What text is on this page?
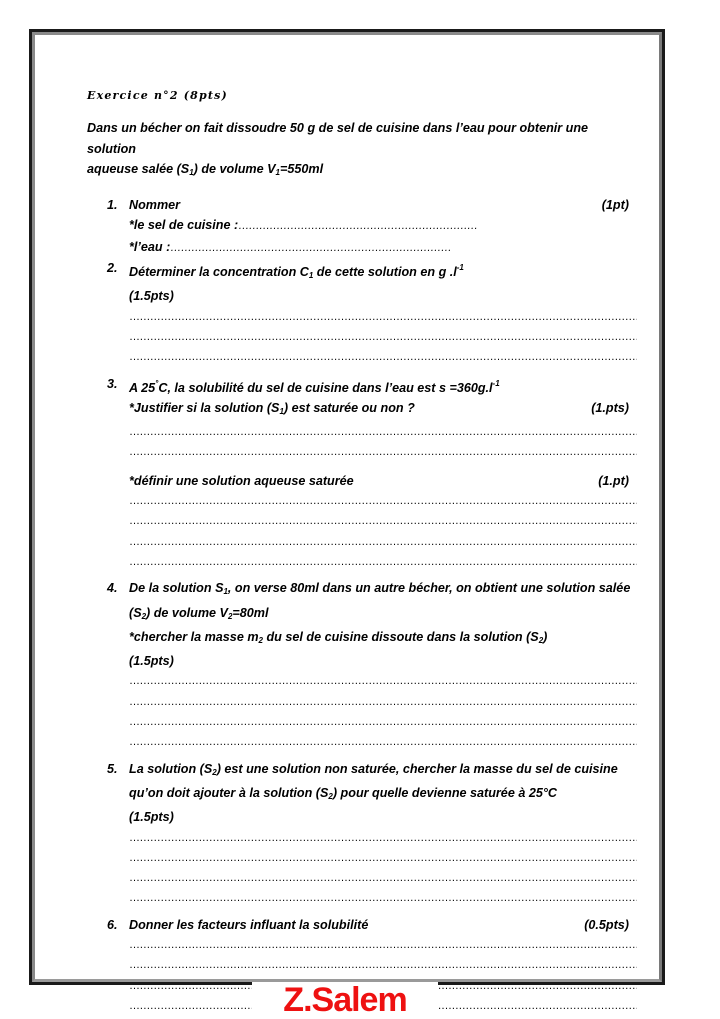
Exercice n°2 (8pts)
Dans un bécher on fait dissoudre 50 g de sel de cuisine dans l’eau pour obtenir une solution
aqueuse salée $(S_1)$ de volume $V_1=550ml$
1. Nommer	(1pt)
*le sel de cuisine :……………………………………………………………
*l’eau :………………………………………………………………………
2. Déterminer la concentration $C_1$ de cette solution en g $.l^{-1}$
(1.5pts)
……………………………………………………………………………………………………………………………………………………………………
……………………………………………………………………………………………………………………………………………………………………
……………………………………………………………………………………………………………………………………………………………………
3. A 25°C, la solubilité du sel de cuisine dans l’eau est $s =360g.l^{-1}$
*Justifier si la solution $(S_1)$ est saturée ou non ?	(1.pts)
……………………………………………………………………………………………………………………………………………………………………
……………………………………………………………………………………………………………………………………………………………………
*définir une solution aqueuse saturée	(1.pt)
……………………………………………………………………………………………………………………………………………………………………
……………………………………………………………………………………………………………………………………………………………………
……………………………………………………………………………………………………………………………………………………………………
……………………………………………………………………………………………………………………………………………………………………
4. De la solution $S_1$, on verse 80ml dans un autre bécher, on obtient une solution salée
$(S_2)$ de volume $V_2=80ml$
*chercher la masse $m_2$ du sel de cuisine dissoute dans la solution $(S_2)$
(1.5pts)
……………………………………………………………………………………………………………………………………………………………………
……………………………………………………………………………………………………………………………………………………………………
……………………………………………………………………………………………………………………………………………………………………
……………………………………………………………………………………………………………………………………………………………………
5. La solution $(S_2)$ est une solution non saturée, chercher la masse du sel de cuisine
qu’on doit ajouter à la solution $(S_2)$ pour quelle devienne saturée à 25°C
(1.5pts)
……………………………………………………………………………………………………………………………………………………………………
……………………………………………………………………………………………………………………………………………………………………
……………………………………………………………………………………………………………………………………………………………………
……………………………………………………………………………………………………………………………………………………………………
6. Donner les facteurs influant la solubilité	(0.5pts)
……………………………………………………………………………………………………………………………………………………………………
……………………………………………………………………………………………………………………………………………………………………
……………………………………………………………………………………………………………………………………………………………………
……………………………………………………………………………………………………………………………………………………………………
Z.Salem
